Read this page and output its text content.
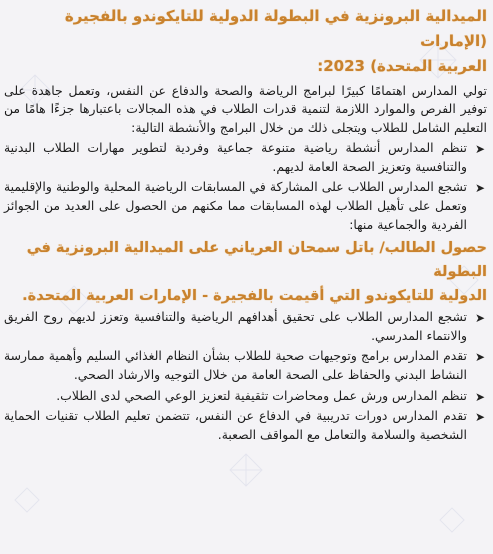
الميدالية البرونزية في البطولة الدولية للتايكوندو بالفجيرة (الإمارات
العربية المتحدة) 2023:

تولي المدارس اهتمامًا كبيرًا لبرامج الرياضة والصحة والدفاع عن النفس، وتعمل جاهدة على توفير الفرص والموارد اللازمة لتنمية قدرات الطلاب في هذه المجالات باعتبارها جزءًا هامًا من التعليم الشامل للطلاب ويتجلى ذلك من خلال البرامج والأنشطة التالية:

➤
تنظم المدارس أنشطة رياضية متنوعة جماعية وفردية لتطوير مهارات الطلاب البدنية والتنافسية وتعزيز الصحة العامة لديهم.
➤
تشجع المدارس الطلاب على المشاركة في المسابقات الرياضية المحلية والوطنية والإقليمية وتعمل على تأهيل الطلاب لهذه المسابقات مما مكنهم من الحصول على العديد من الجوائز الفردية والجماعية منها:
حصول الطالب/ باتل سمحان العرياني على الميدالية البرونزية في البطولة
الدولية للتايكوندو التي أقيمت بالفجيرة - الإمارات العربية المتحدة.
➤
تشجع المدارس الطلاب على تحقيق أهدافهم الرياضية والتنافسية وتعزز لديهم روح الفريق والانتماء المدرسي.
➤
تقدم المدارس برامج وتوجيهات صحية للطلاب بشأن النظام الغذائي السليم وأهمية ممارسة النشاط البدني والحفاظ على الصحة العامة من خلال التوجيه والارشاد الصحي.
➤
تنظم المدارس ورش عمل ومحاضرات تثقيفية لتعزيز الوعي الصحي لدى الطلاب.
➤
تقدم المدارس دورات تدريبية في الدفاع عن النفس، تتضمن تعليم الطلاب تقنيات الحماية الشخصية والسلامة والتعامل مع المواقف الصعبة.
